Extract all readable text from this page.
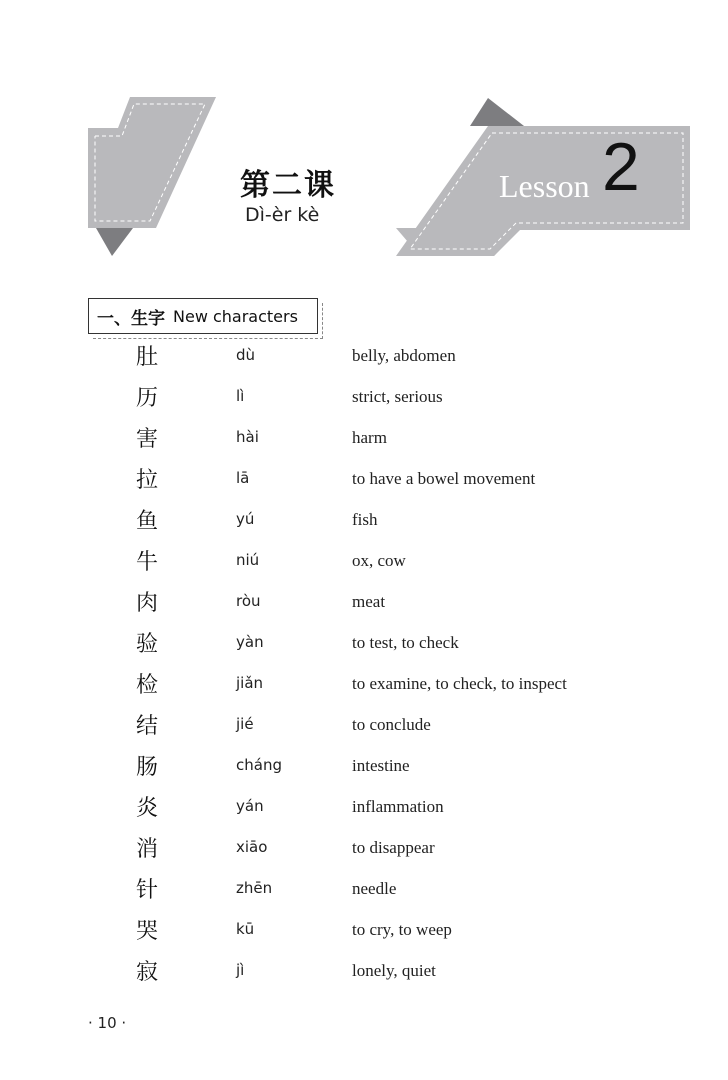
第二课
Dì-èr kè
Lesson 2
一、生字 New characters
肚	dù	belly, abdomen
历	lì	strict, serious
害	hài	harm
拉	lā	to have a bowel movement
鱼	yú	fish
牛	niú	ox, cow
肉	ròu	meat
验	yàn	to test, to check
检	jiǎn	to examine, to check, to inspect
结	jié	to conclude
肠	cháng	intestine
炎	yán	inflammation
消	xiāo	to disappear
针	zhēn	needle
哭	kū	to cry, to weep
寂	jì	lonely, quiet
· 10 ·
